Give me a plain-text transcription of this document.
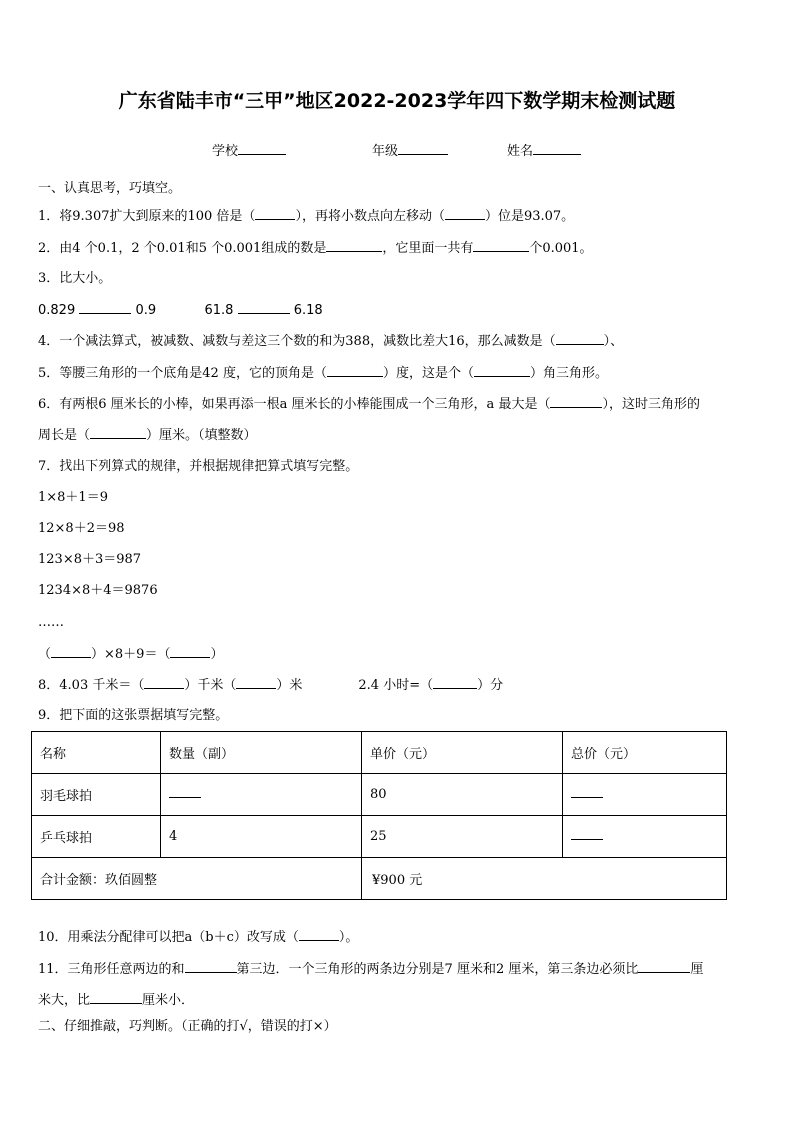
广东省陆丰市“三甲”地区2022-2023学年四下数学期末检测试题
学校	年级	姓名
一、认真思考，巧填空。
1．将9.307扩大到原来的100 倍是（	），再将小数点向左移动（	）位是93.07。
2．由4 个0.1，2 个0.01和5 个0.001组成的数是	，它里面一共有	个0.001。
3．比大小。
0.829	0.9	61.8	6.18
4．一个减法算式，被减数、减数与差这三个数的和为388，减数比差大16，那么减数是（	）、
5．等腰三角形的一个底角是42 度，它的顶角是（	）度，这是个（	）角三角形。
6．有两根6 厘米长的小棒，如果再添一根a 厘米长的小棒能围成一个三角形，a 最大是（	），这时三角形的
周长是（	）厘米。（填整数）
7．找出下列算式的规律，并根据规律把算式填写完整。
1×8＋1＝9
12×8＋2＝98
123×8＋3＝987
1234×8＋4＝9876
……
（	）×8＋9＝（	）
8．4.03 千米＝（	）千米（	）米	2.4 小时=（	）分
9．把下面的这张票据填写完整。
名称	数量（副）	单价（元）	总价（元）
羽毛球拍		80	
乒乓球拍	4	25	
合计金额：玖佰圆整		¥900 元	
10．用乘法分配律可以把a（b＋c）改写成（	）。
11．三角形任意两边的和	第三边．一个三角形的两条边分别是7 厘米和2 厘米，第三条边必须比	厘
米大，比	厘米小．
二、仔细推敲，巧判断。（正确的打√，错误的打×）
